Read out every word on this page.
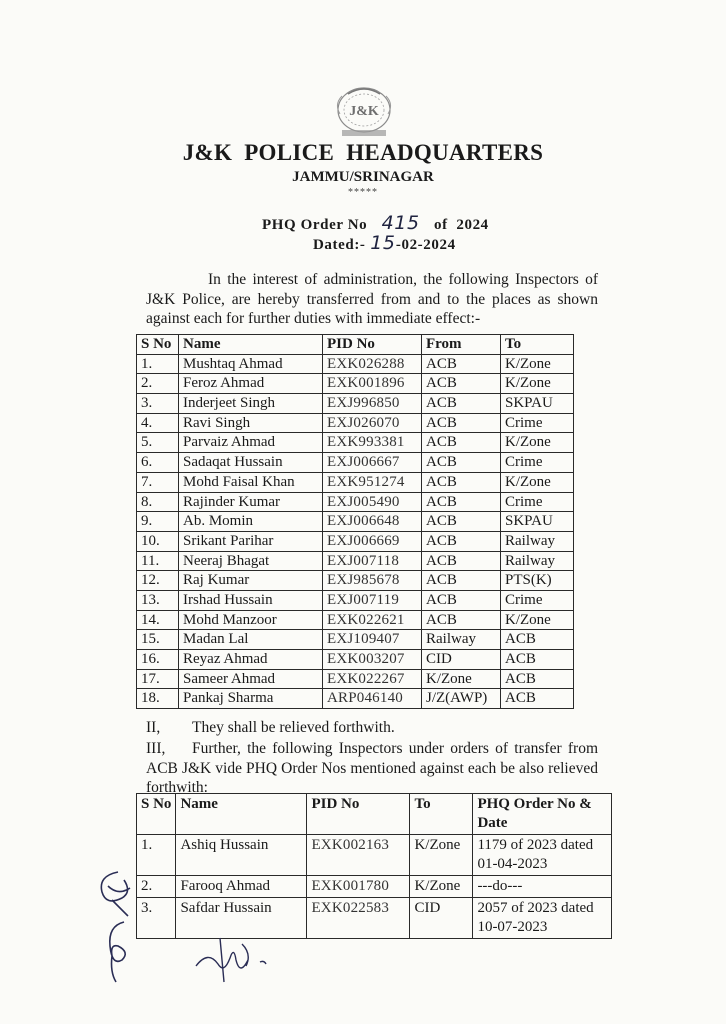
J&K
J&K POLICE HEADQUARTERS
JAMMU/SRINAGAR
*****
PHQ Order No 415 of 2024
Dated:- 15-02-2024
In the interest of administration, the following Inspectors of J&K Police, are hereby transferred from and to the places as shown against each for further duties with immediate effect:-
S No	Name	PID No	From	To
1.	Mushtaq Ahmad	EXK026288	ACB	K/Zone
2.	Feroz Ahmad	EXK001896	ACB	K/Zone
3.	Inderjeet Singh	EXJ996850	ACB	SKPAU
4.	Ravi Singh	EXJ026070	ACB	Crime
5.	Parvaiz Ahmad	EXK993381	ACB	K/Zone
6.	Sadaqat Hussain	EXJ006667	ACB	Crime
7.	Mohd Faisal Khan	EXK951274	ACB	K/Zone
8.	Rajinder Kumar	EXJ005490	ACB	Crime
9.	Ab. Momin	EXJ006648	ACB	SKPAU
10.	Srikant Parihar	EXJ006669	ACB	Railway
11.	Neeraj Bhagat	EXJ007118	ACB	Railway
12.	Raj Kumar	EXJ985678	ACB	PTS(K)
13.	Irshad Hussain	EXJ007119	ACB	Crime
14.	Mohd Manzoor	EXK022621	ACB	K/Zone
15.	Madan Lal	EXJ109407	Railway	ACB
16.	Reyaz Ahmad	EXK003207	CID	ACB
17.	Sameer Ahmad	EXK022267	K/Zone	ACB
18.	Pankaj Sharma	ARP046140	J/Z(AWP)	ACB
II, They shall be relieved forthwith.
III, Further, the following Inspectors under orders of transfer from ACB J&K vide PHQ Order Nos mentioned against each be also relieved forthwith:
S No	Name	PID No	To	PHQ Order No & Date
1.	Ashiq Hussain	EXK002163	K/Zone	1179 of 2023 dated 01-04-2023
2.	Farooq Ahmad	EXK001780	K/Zone	---do---
3.	Safdar Hussain	EXK022583	CID	2057 of 2023 dated 10-07-2023
